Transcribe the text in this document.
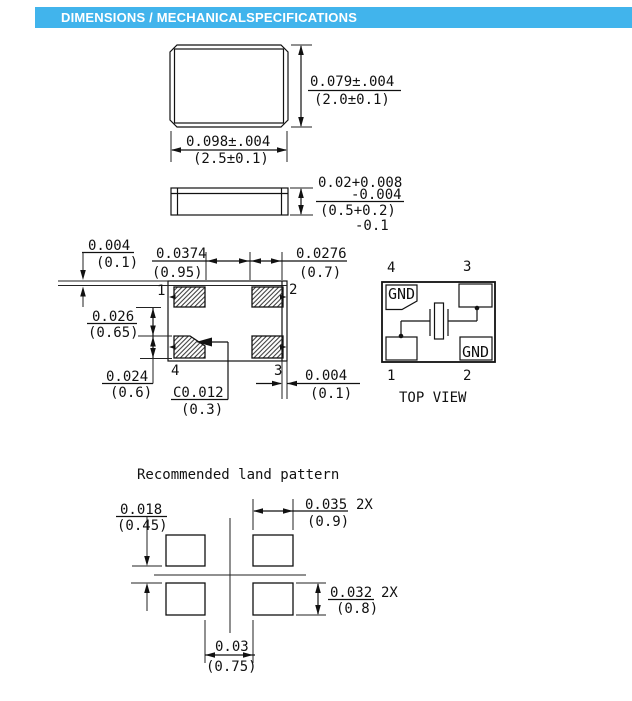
DIMENSIONS / MECHANICALSPECIFICATIONS
0.079±.004
(2.0±0.1)
0.098±.004
(2.5±0.1)
0.02+0.008
-0.004
(0.5+0.2)
-0.1
1	2
4	3
0.0374
(0.95)
0.0276
(0.7)
0.004
(0.1)
0.026
(0.65)
0.024
(0.6) C0.012
(0.3)
0.004
(0.1)
GND
GND
4	3
1	2
TOP VIEW
Recommended land pattern
0.018
(0.45)
0.035 2X
(0.9)
0.032 2X
(0.8)
0.03
(0.75)
